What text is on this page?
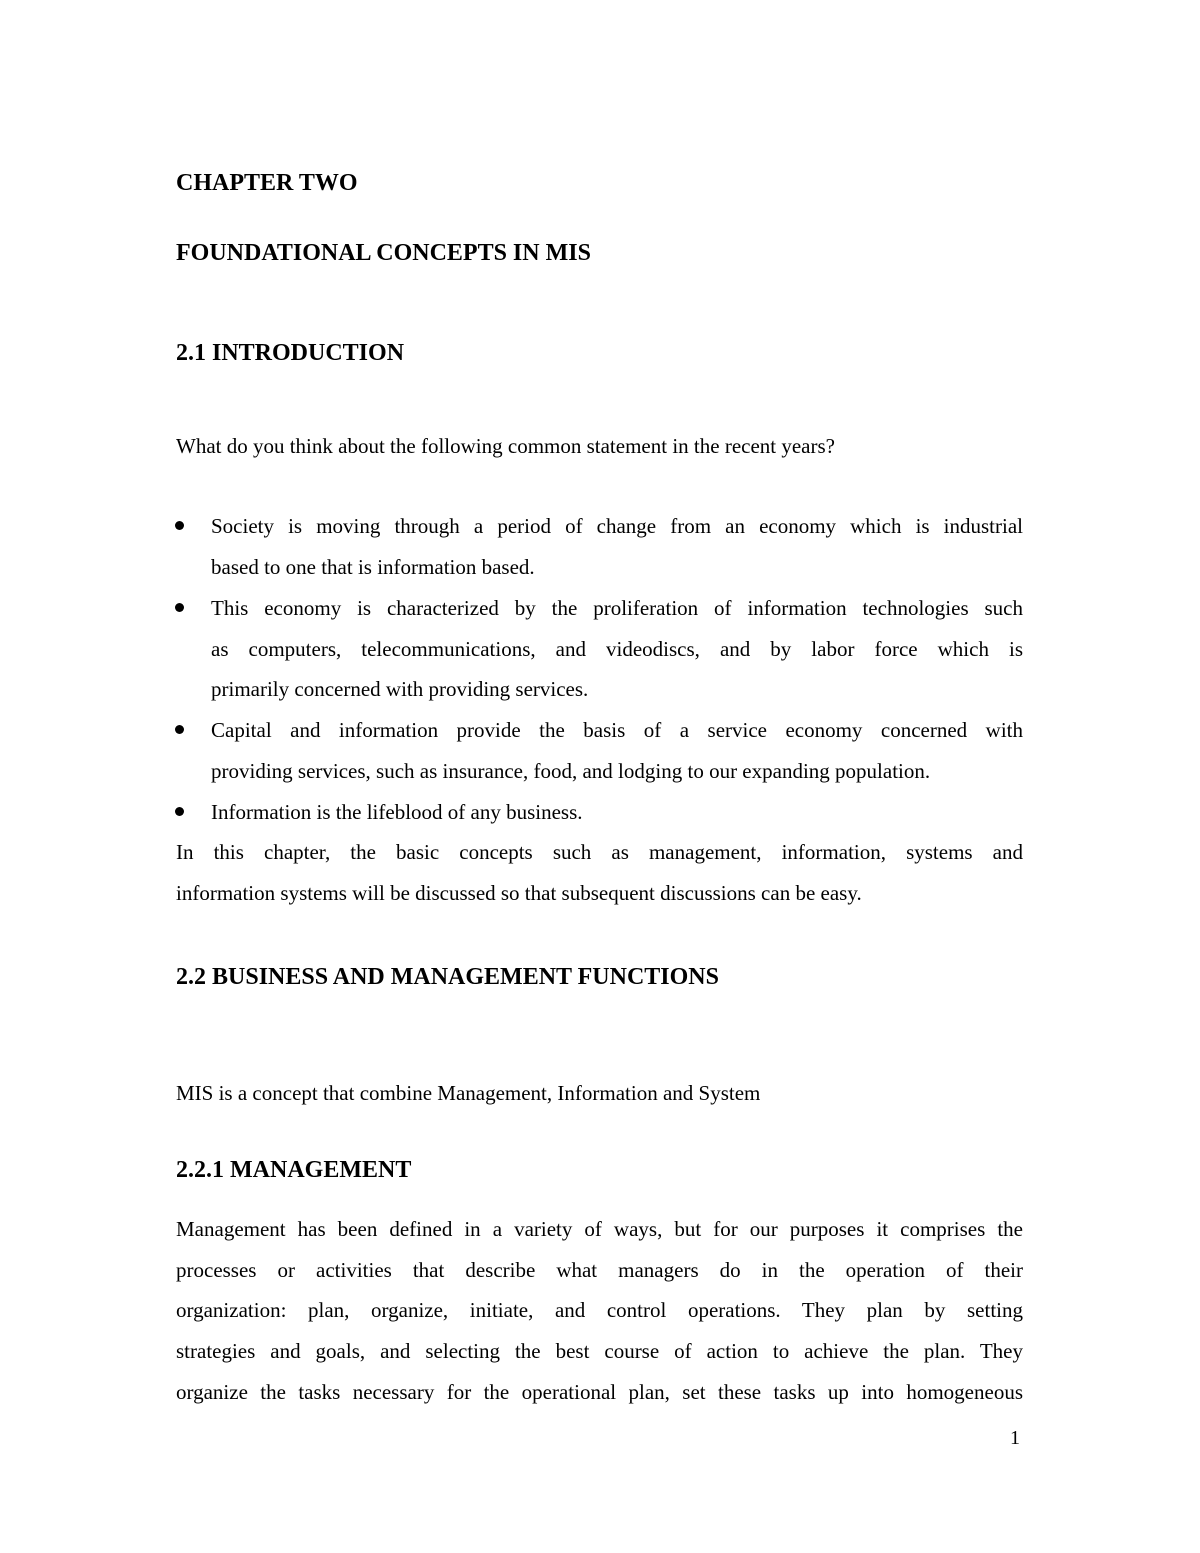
CHAPTER TWO

FOUNDATIONAL CONCEPTS IN MIS

2.1 INTRODUCTION

What do you think about the following common statement in the recent years?

Society is moving through a period of change from an economy which is industrial

based to one that is information based.

This economy is characterized by the proliferation of information technologies such

as computers, telecommunications, and videodiscs, and by labor force which is

primarily concerned with providing services.

Capital and information provide the basis of a service economy concerned with

providing services, such as insurance, food, and lodging to our expanding population.

Information is the lifeblood of any business.

In this chapter, the basic concepts such as management, information, systems and

information systems will be discussed so that subsequent discussions can be easy.

2.2 BUSINESS AND MANAGEMENT FUNCTIONS

MIS is a concept that combine Management, Information and System

2.2.1 MANAGEMENT

Management has been defined in a variety of ways, but for our purposes it comprises the

processes or activities that describe what managers do in the operation of their

organization: plan, organize, initiate, and control operations. They plan by setting

strategies and goals, and selecting the best course of action to achieve the plan. They

organize the tasks necessary for the operational plan, set these tasks up into homogeneous

1
